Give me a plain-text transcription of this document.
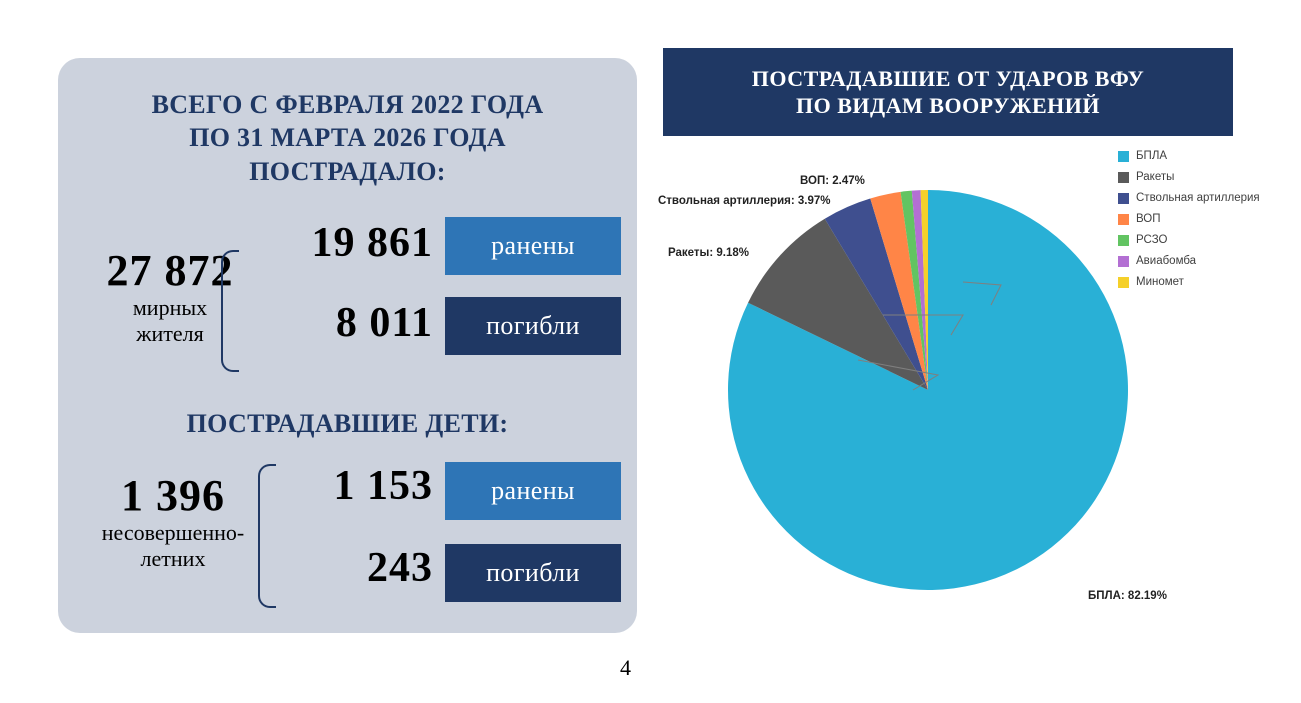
ВСЕГО С ФЕВРАЛЯ 2022 ГОДА
ПО 31 МАРТА 2026 ГОДА
ПОСТРАДАЛО:
27 872
мирных
жителя
19 861	ранены
8 011	погибли
ПОСТРАДАВШИЕ ДЕТИ:
1 396
несовершенно-
летних
1 153	ранены
243	погибли
ПОСТРАДАВШИЕ ОТ УДАРОВ ВФУ
ПО ВИДАМ ВООРУЖЕНИЙ
Ракеты: 9.18%
Ствольная артиллерия: 3.97%
ВОП: 2.47%
БПЛА: 82.19%
БПЛА
Ракеты
Ствольная артиллерия
ВОП
РСЗО
Авиабомба
Миномет
4
